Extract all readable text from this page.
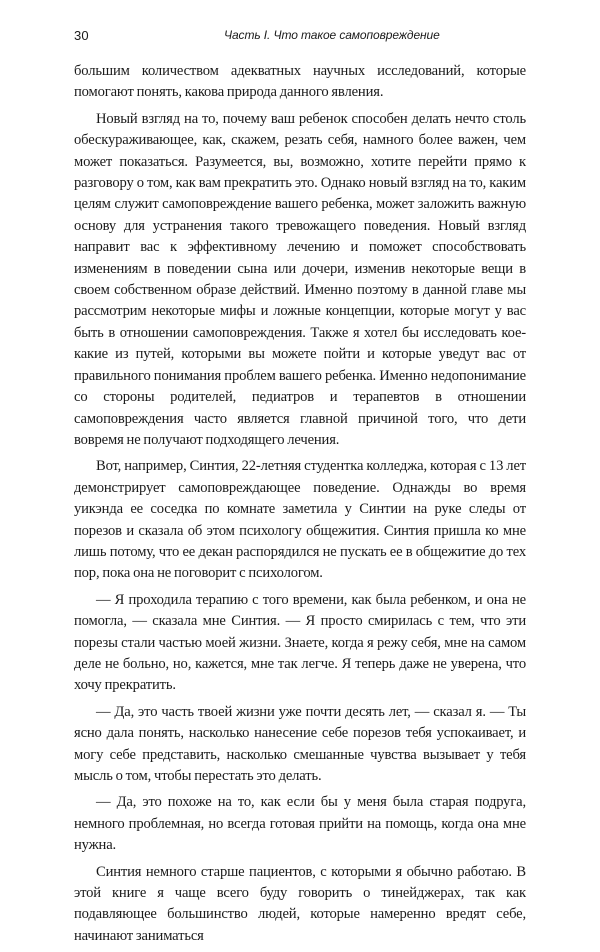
30	Часть I. Что такое самоповреждение

большим количеством адекватных научных исследований, которые помогают понять, какова природа данного явления.

Новый взгляд на то, почему ваш ребенок способен делать нечто столь обескураживающее, как, скажем, резать себя, намного более важен, чем может показаться. Разумеется, вы, возможно, хотите перейти прямо к разговору о том, как вам прекратить это. Однако новый взгляд на то, каким целям служит самоповреждение вашего ребенка, может заложить важную основу для устранения такого тревожащего поведения. Новый взгляд направит вас к эффективному лечению и поможет способствовать изменениям в поведении сына или дочери, изменив некоторые вещи в своем собственном образе действий. Именно поэтому в данной главе мы рассмотрим некоторые мифы и ложные концепции, которые могут у вас быть в отношении самоповреждения. Также я хотел бы исследовать кое-какие из путей, которыми вы можете пойти и которые уведут вас от правильного понимания проблем вашего ребенка. Именно недопонимание со стороны родителей, педиатров и терапевтов в отношении самоповреждения часто является главной причиной того, что дети вовремя не получают подходящего лечения.

Вот, например, Синтия, 22-летняя студентка колледжа, которая с 13 лет демонстрирует самоповреждающее поведение. Однажды во время уикэнда ее соседка по комнате заметила у Синтии на руке следы от порезов и сказала об этом психологу общежития. Синтия пришла ко мне лишь потому, что ее декан распорядился не пускать ее в общежитие до тех пор, пока она не поговорит с психологом.

— Я проходила терапию с того времени, как была ребенком, и она не помогла, — сказала мне Синтия. — Я просто смирилась с тем, что эти порезы стали частью моей жизни. Знаете, когда я режу себя, мне на самом деле не больно, но, кажется, мне так легче. Я теперь даже не уверена, что хочу прекратить.

— Да, это часть твоей жизни уже почти десять лет, — сказал я. — Ты ясно дала понять, насколько нанесение себе порезов тебя успокаивает, и могу себе представить, насколько смешанные чувства вызывает у тебя мысль о том, чтобы перестать это делать.

— Да, это похоже на то, как если бы у меня была старая подруга, немного проблемная, но всегда готовая прийти на помощь, когда она мне нужна.

Синтия немного старше пациентов, с которыми я обычно работаю. В этой книге я чаще всего буду говорить о тинейджерах, так как подавляющее большинство людей, которые намеренно вредят себе, начинают заниматься
